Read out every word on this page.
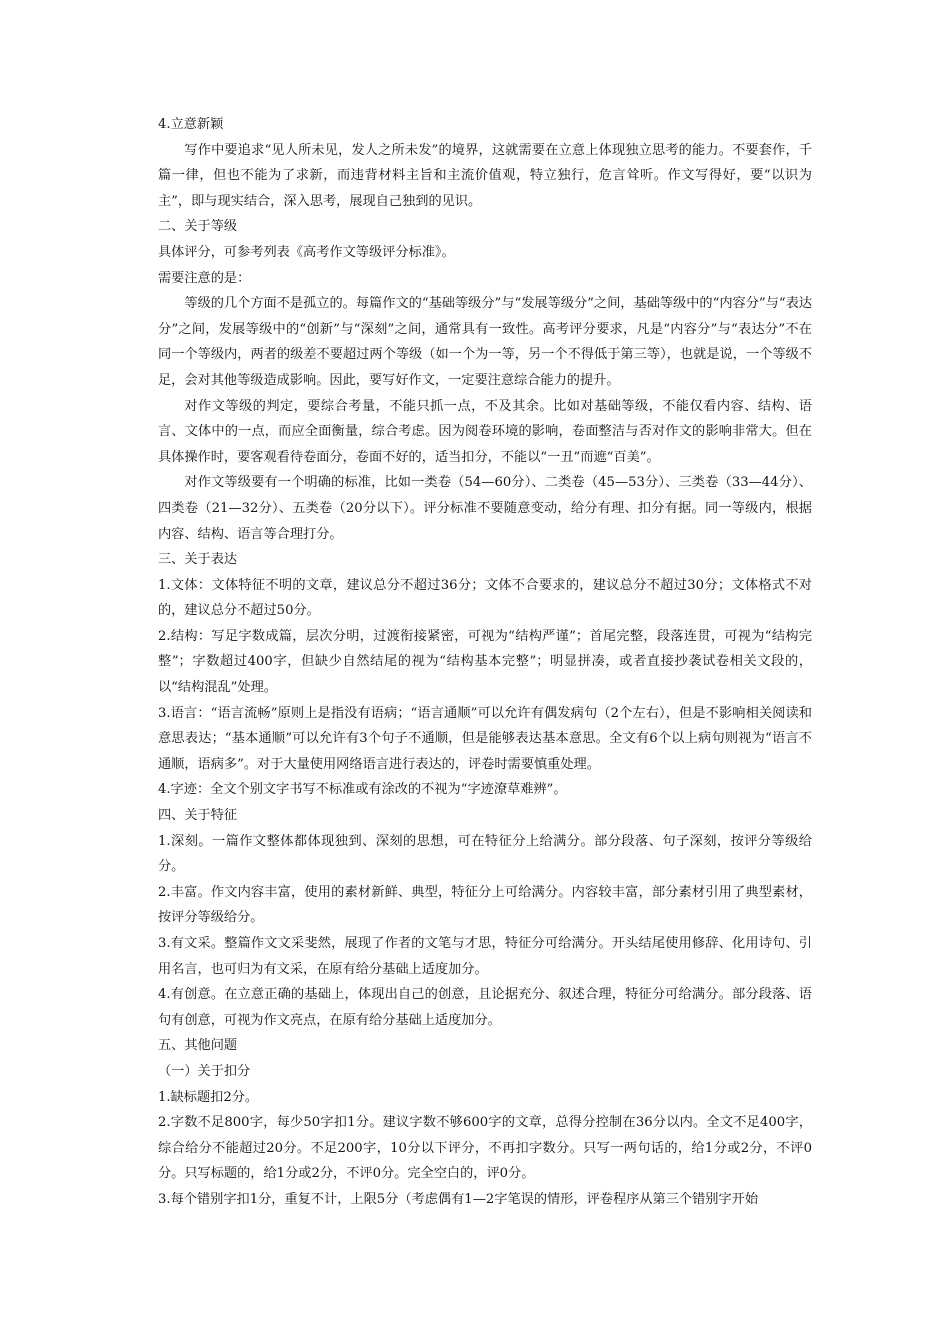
4.立意新颖

写作中要追求“见人所未见，发人之所未发”的境界，这就需要在立意上体现独立思考的能力。不要套作，千篇一律，但也不能为了求新，而违背材料主旨和主流价值观，特立独行，危言耸听。作文写得好，要“以识为主”，即与现实结合，深入思考，展现自己独到的见识。

二、关于等级

具体评分，可参考列表《高考作文等级评分标准》。

需要注意的是：

等级的几个方面不是孤立的。每篇作文的“基础等级分”与“发展等级分”之间，基础等级中的“内容分”与“表达分”之间，发展等级中的“创新”与“深刻”之间，通常具有一致性。高考评分要求，凡是“内容分”与“表达分”不在同一个等级内，两者的级差不要超过两个等级（如一个为一等，另一个不得低于第三等），也就是说，一个等级不足，会对其他等级造成影响。因此，要写好作文，一定要注意综合能力的提升。

对作文等级的判定，要综合考量，不能只抓一点，不及其余。比如对基础等级，不能仅看内容、结构、语言、文体中的一点，而应全面衡量，综合考虑。因为阅卷环境的影响，卷面整洁与否对作文的影响非常大。但在具体操作时，要客观看待卷面分，卷面不好的，适当扣分，不能以“一丑”而遮“百美”。

对作文等级要有一个明确的标准，比如一类卷（54—60分）、二类卷（45—53分）、三类卷（33—44分）、四类卷（21—32分）、五类卷（20分以下）。评分标准不要随意变动，给分有理、扣分有据。同一等级内，根据内容、结构、语言等合理打分。

三、关于表达

1.文体：文体特征不明的文章，建议总分不超过36分；文体不合要求的，建议总分不超过30分；文体格式不对的，建议总分不超过50分。

2.结构：写足字数成篇，层次分明，过渡衔接紧密，可视为“结构严谨”；首尾完整，段落连贯，可视为“结构完整”；字数超过400字，但缺少自然结尾的视为“结构基本完整”；明显拼凑，或者直接抄袭试卷相关文段的，以“结构混乱”处理。

3.语言：“语言流畅”原则上是指没有语病；“语言通顺”可以允许有偶发病句（2个左右），但是不影响相关阅读和意思表达；“基本通顺”可以允许有3个句子不通顺，但是能够表达基本意思。全文有6个以上病句则视为“语言不通顺，语病多”。对于大量使用网络语言进行表达的，评卷时需要慎重处理。

4.字迹：全文个别文字书写不标准或有涂改的不视为“字迹潦草难辨”。

四、关于特征

1.深刻。一篇作文整体都体现独到、深刻的思想，可在特征分上给满分。部分段落、句子深刻，按评分等级给分。

2.丰富。作文内容丰富，使用的素材新鲜、典型，特征分上可给满分。内容较丰富，部分素材引用了典型素材，按评分等级给分。

3.有文采。整篇作文文采斐然，展现了作者的文笔与才思，特征分可给满分。开头结尾使用修辞、化用诗句、引用名言，也可归为有文采，在原有给分基础上适度加分。

4.有创意。在立意正确的基础上，体现出自己的创意，且论据充分、叙述合理，特征分可给满分。部分段落、语句有创意，可视为作文亮点，在原有给分基础上适度加分。

五、其他问题

（一）关于扣分

1.缺标题扣2分。

2.字数不足800字，每少50字扣1分。建议字数不够600字的文章，总得分控制在36分以内。全文不足400字，综合给分不能超过20分。不足200字，10分以下评分，不再扣字数分。只写一两句话的，给1分或2分，不评0分。只写标题的，给1分或2分，不评0分。完全空白的，评0分。

3.每个错别字扣1分，重复不计，上限5分（考虑偶有1—2字笔误的情形，评卷程序从第三个错别字开始
